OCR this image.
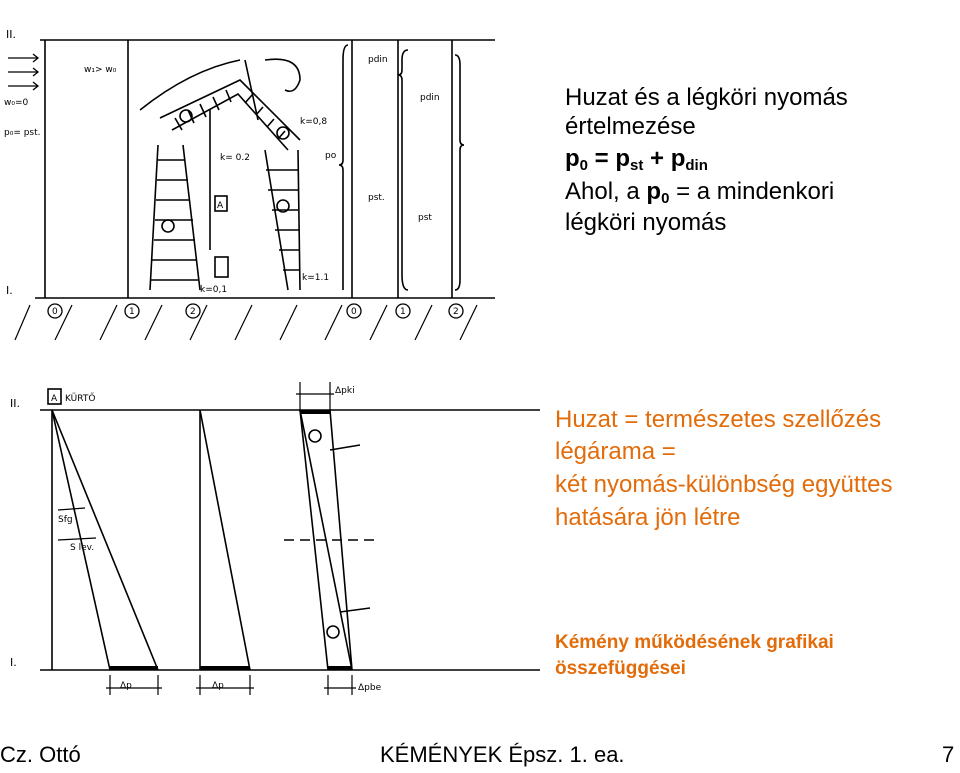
II.
I.
w₀=0
p₀= pst.
w₁> w₀
k= 0.2
k=0,1
k=0,8
k=1.1
A
pdin
po
pdin
pst.
pst
0	1	2	0	1	2
II.
I.
A KÜRTŐ
Sfg
S lev.
Δp	Δp
Δpki
Δpbe
Huzat és a légköri nyomás
értelmezése
$p_0 = p_{st} + p_{din}$
Ahol, a $p_0 = a$ mindenkori
légköri nyomás
Huzat = természetes szellőzés
légárama =
két nyomás-különbség együttes
hatására jön létre
Kémény működésének grafikai
összefüggései
Cz. Ottó	KÉMÉNYEK Épsz. 1. ea.	7
